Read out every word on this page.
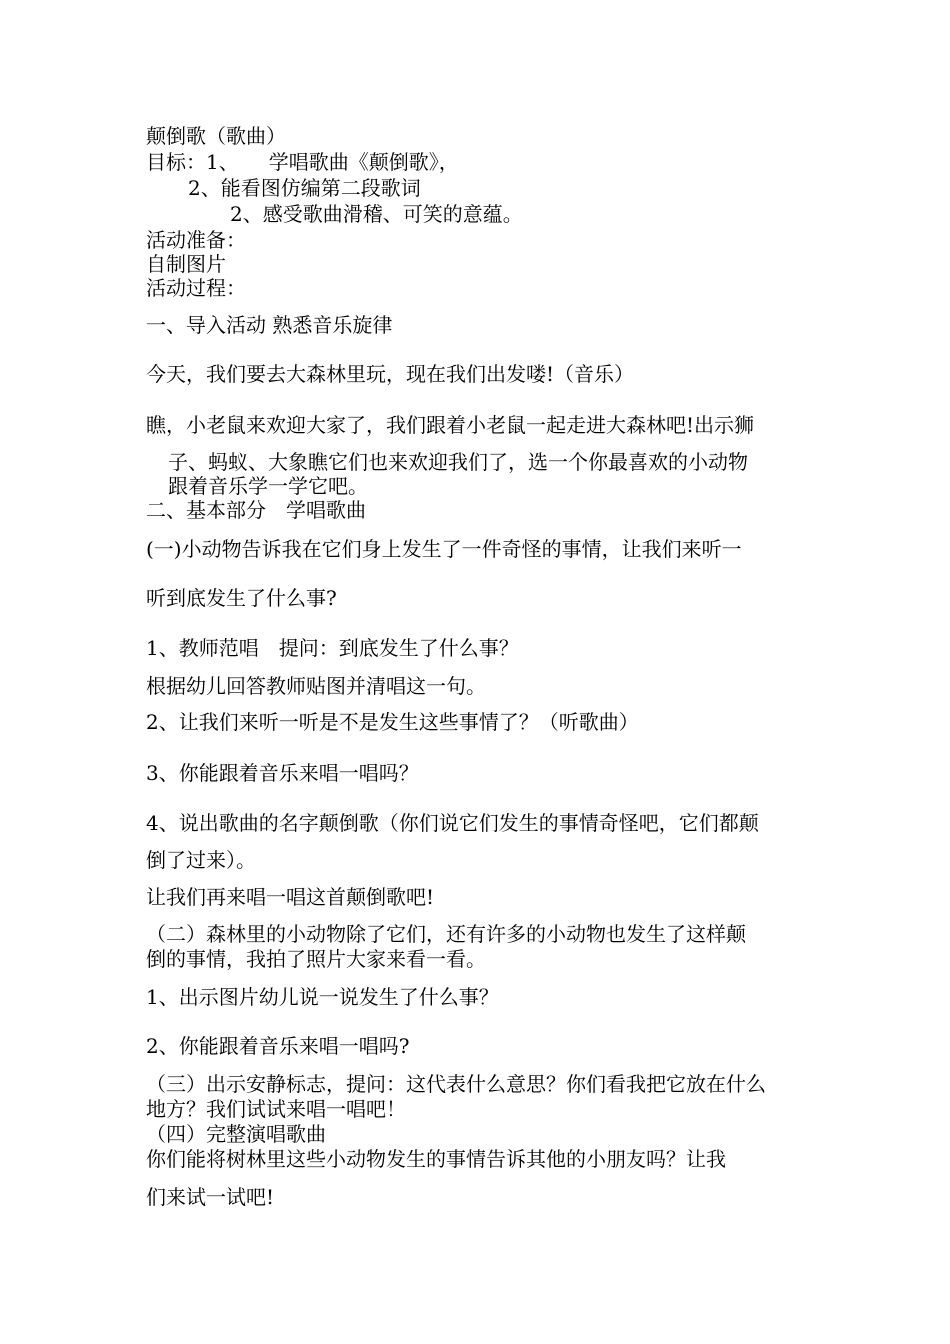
颠倒歌（歌曲）
目标：1、　　学唱歌曲《颠倒歌》，
　2、能看图仿编第二段歌词
　　2、感受歌曲滑稽、可笑的意蕴。
活动准备：
自制图片
活动过程：
一、导入活动 熟悉音乐旋律
今天，我们要去大森林里玩，现在我们出发喽!（音乐）
瞧，小老鼠来欢迎大家了，我们跟着小老鼠一起走进大森林吧!出示狮
子、蚂蚁、大象瞧它们也来欢迎我们了，选一个你最喜欢的小动物
跟着音乐学一学它吧。
二、基本部分　学唱歌曲
(一)小动物告诉我在它们身上发生了一件奇怪的事情，让我们来听一
听到底发生了什么事?
1、教师范唱　提问：到底发生了什么事？
根据幼儿回答教师贴图并清唱这一句。
2、让我们来听一听是不是发生这些事情了？（听歌曲）
3、你能跟着音乐来唱一唱吗？
4、说出歌曲的名字颠倒歌（你们说它们发生的事情奇怪吧，它们都颠
倒了过来）。
让我们再来唱一唱这首颠倒歌吧!
（二）森林里的小动物除了它们，还有许多的小动物也发生了这样颠
倒的事情，我拍了照片大家来看一看。
1、出示图片幼儿说一说发生了什么事？
2、你能跟着音乐来唱一唱吗?
（三）出示安静标志，提问：这代表什么意思？你们看我把它放在什么
地方？我们试试来唱一唱吧！
（四）完整演唱歌曲
你们能将树林里这些小动物发生的事情告诉其他的小朋友吗？让我
们来试一试吧!
